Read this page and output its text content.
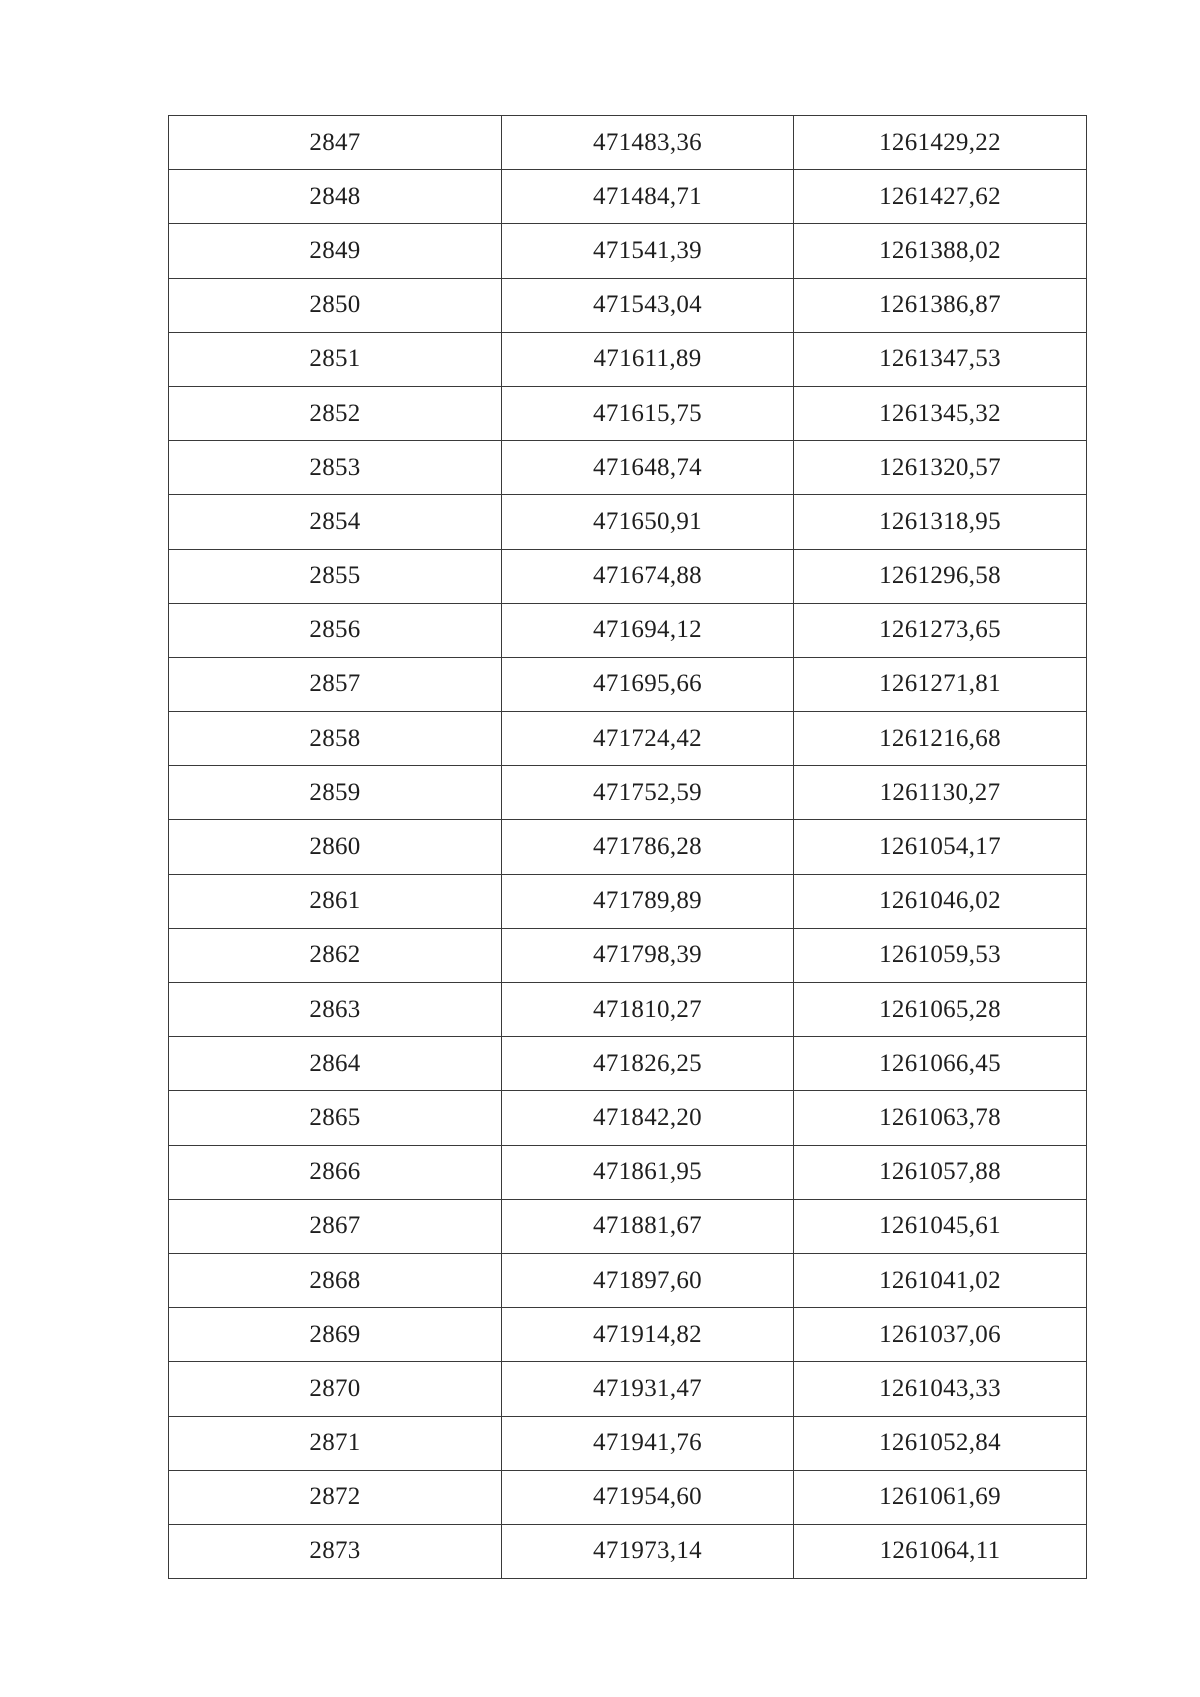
2847	471483,36	1261429,22
2848	471484,71	1261427,62
2849	471541,39	1261388,02
2850	471543,04	1261386,87
2851	471611,89	1261347,53
2852	471615,75	1261345,32
2853	471648,74	1261320,57
2854	471650,91	1261318,95
2855	471674,88	1261296,58
2856	471694,12	1261273,65
2857	471695,66	1261271,81
2858	471724,42	1261216,68
2859	471752,59	1261130,27
2860	471786,28	1261054,17
2861	471789,89	1261046,02
2862	471798,39	1261059,53
2863	471810,27	1261065,28
2864	471826,25	1261066,45
2865	471842,20	1261063,78
2866	471861,95	1261057,88
2867	471881,67	1261045,61
2868	471897,60	1261041,02
2869	471914,82	1261037,06
2870	471931,47	1261043,33
2871	471941,76	1261052,84
2872	471954,60	1261061,69
2873	471973,14	1261064,11
